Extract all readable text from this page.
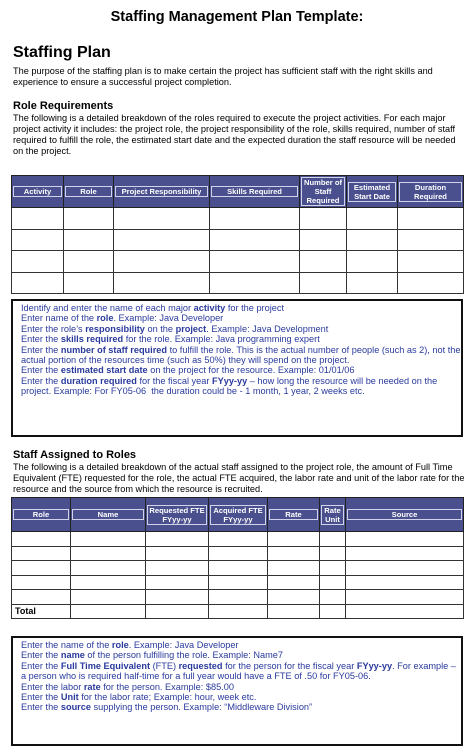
Staffing Management Plan Template:
Staffing Plan
The purpose of the staffing plan is to make certain the project has sufficient staff with the right skills and experience to ensure a successful project completion.
Role Requirements
The following is a detailed breakdown of the roles required to execute the project activities. For each major project activity it includes: the project role, the project responsibility of the role, skills required, number of staff required to fulfill the role, the estimated start date and the expected duration the staff resource will be needed on the project.
Activity	Role	Project Responsibility	Skills Required	Number of Staff Required	Estimated Start Date	Duration Required

Identify and enter the name of each major activity for the project
Enter name of the role. Example: Java Developer
Enter the role’s responsibility on the project. Example: Java Development
Enter the skills required for the role. Example: Java programming expert
Enter the number of staff required to fulfill the role. This is the actual number of people (such as 2), not the actual portion of the resources time (such as 50%) they will spend on the project.
Enter the estimated start date on the project for the resource. Example: 01/01/06
Enter the duration required for the fiscal year FYyy-yy – how long the resource will be needed on the project. Example: For FY05-06  the duration could be - 1 month, 1 year, 2 weeks etc.
Staff Assigned to Roles
The following is a detailed breakdown of the actual staff assigned to the project role, the amount of Full Time Equivalent (FTE) requested for the role, the actual FTE acquired, the labor rate and unit of the labor rate for the resource and the source from which the resource is recruited.
Role	Name	Requested FTE FYyy-yy	Acquired FTE FYyy-yy	Rate	Rate Unit	Source

Total						
Enter the name of the role. Example: Java Developer
Enter the name of the person fulfilling the role. Example: Name7
Enter the Full Time Equivalent (FTE) requested for the person for the fiscal year FYyy-yy. For example – a person who is required half-time for a full year would have a FTE of .50 for FY05-06.
Enter the labor rate for the person. Example: $85.00
Enter the Unit for the labor rate; Example: hour, week etc.
Enter the source supplying the person. Example: “Middleware Division”
